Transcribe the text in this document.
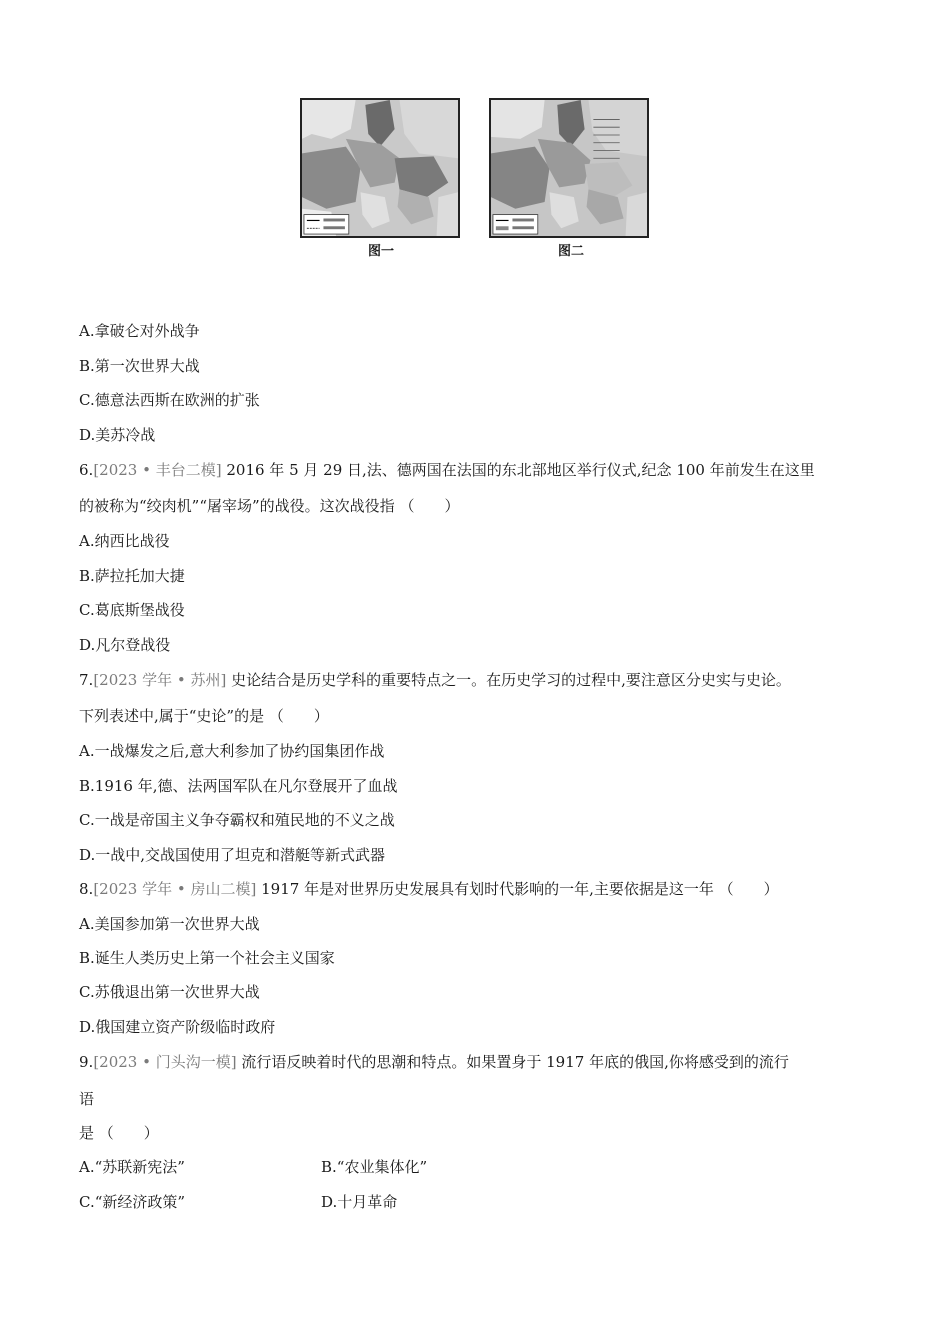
图一	图二
A.拿破仑对外战争
B.第一次世界大战
C.德意法西斯在欧洲的扩张
D.美苏冷战
6.[2023 • 丰台二模] 2016 年 5 月 29 日,法、德两国在法国的东北部地区举行仪式,纪念 100 年前发生在这里
的被称为“绞肉机”“屠宰场”的战役。这次战役指 （　　）
A.纳西比战役
B.萨拉托加大捷
C.葛底斯堡战役
D.凡尔登战役
7.[2023 学年 • 苏州] 史论结合是历史学科的重要特点之一。在历史学习的过程中,要注意区分史实与史论。
下列表述中,属于“史论”的是 （　　）
A.一战爆发之后,意大利参加了协约国集团作战
B.1916 年,德、法两国军队在凡尔登展开了血战
C.一战是帝国主义争夺霸权和殖民地的不义之战
D.一战中,交战国使用了坦克和潜艇等新式武器
8.[2023 学年 • 房山二模] 1917 年是对世界历史发展具有划时代影响的一年,主要依据是这一年 （　　）
A.美国参加第一次世界大战
B.诞生人类历史上第一个社会主义国家
C.苏俄退出第一次世界大战
D.俄国建立资产阶级临时政府
9.[2023 • 门头沟一模] 流行语反映着时代的思潮和特点。如果置身于 1917 年底的俄国,你将感受到的流行
语
是 （　　）
A.“苏联新宪法”	B.“农业集体化”
C.“新经济政策”	D.十月革命
